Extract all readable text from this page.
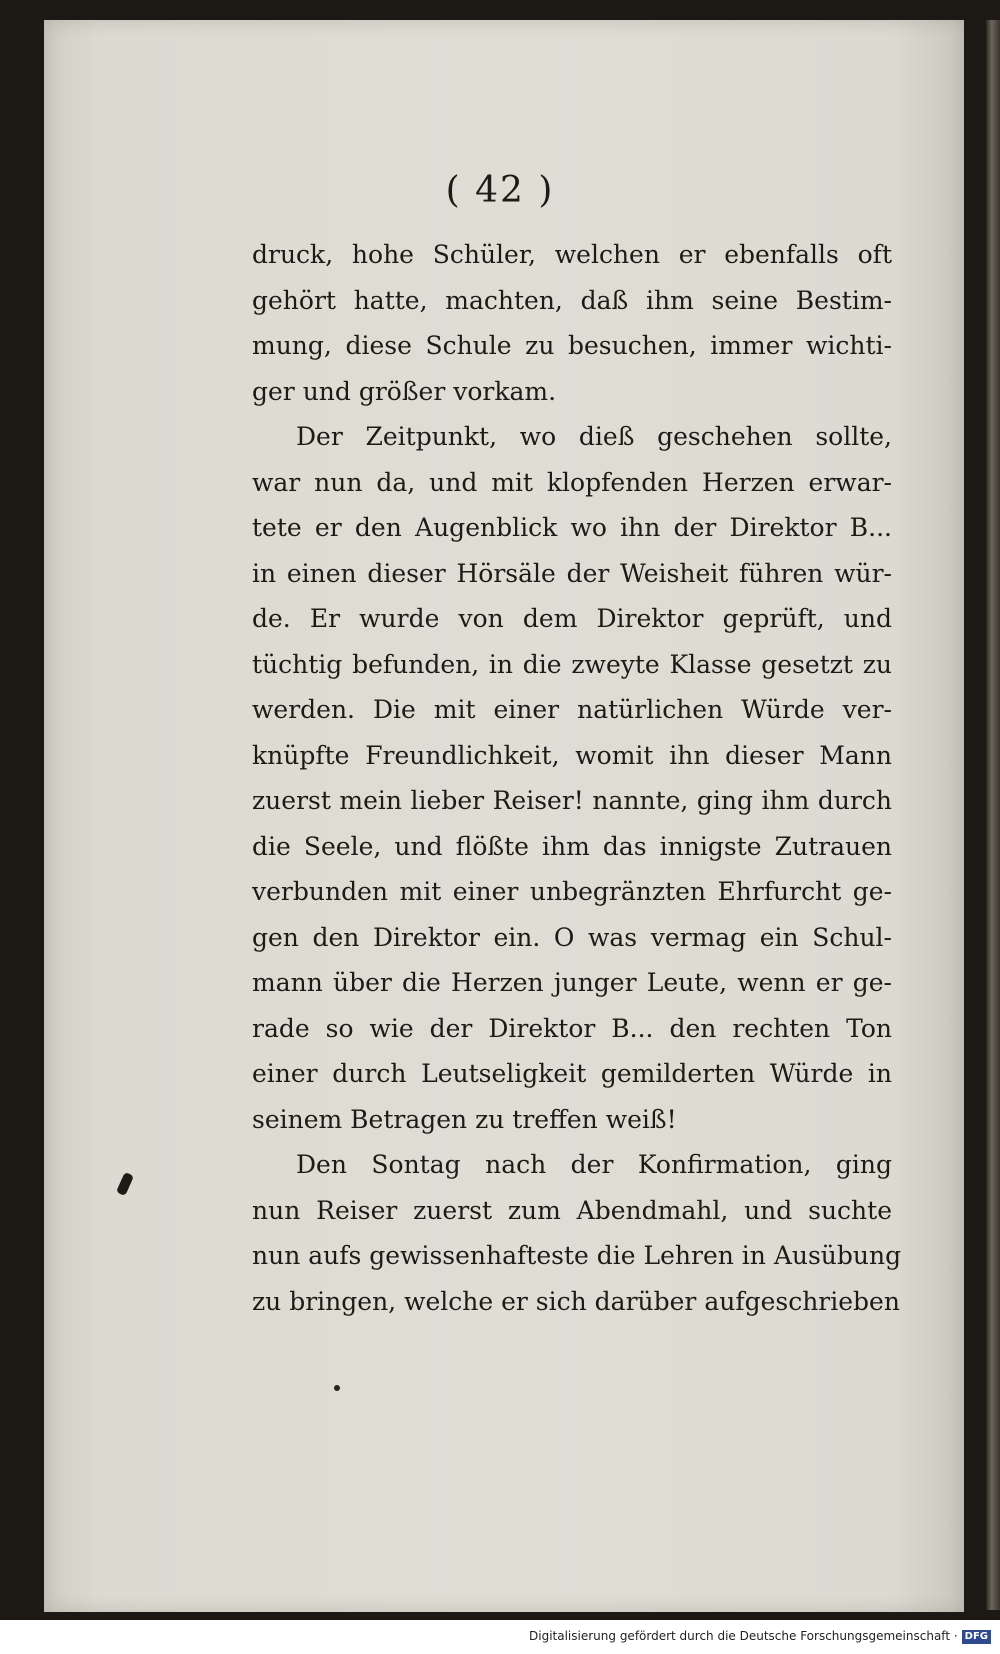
( 42 )
druck, hohe Schüler, welchen er ebenfalls oft
gehört hatte, machten, daß ihm seine Bestim-
mung, diese Schule zu besuchen, immer wichti-
ger und größer vorkam.
Der Zeitpunkt, wo dieß geschehen sollte,
war nun da, und mit klopfenden Herzen erwar-
tete er den Augenblick wo ihn der Direktor B...
in einen dieser Hörsäle der Weisheit führen wür-
de. Er wurde von dem Direktor geprüft, und
tüchtig befunden, in die zweyte Klasse gesetzt zu
werden. Die mit einer natürlichen Würde ver-
knüpfte Freundlichkeit, womit ihn dieser Mann
zuerst mein lieber Reiser! nannte, ging ihm durch
die Seele, und flößte ihm das innigste Zutrauen
verbunden mit einer unbegränzten Ehrfurcht ge-
gen den Direktor ein. O was vermag ein Schul-
mann über die Herzen junger Leute, wenn er ge-
rade so wie der Direktor B... den rechten Ton
einer durch Leutseligkeit gemilderten Würde in
seinem Betragen zu treffen weiß!
Den Sontag nach der Konfirmation, ging
nun Reiser zuerst zum Abendmahl, und suchte
nun aufs gewissenhafteste die Lehren in Ausübung
zu bringen, welche er sich darüber aufgeschrieben
Digitalisierung gefördert durch die Deutsche Forschungsgemeinschaft · DFG
